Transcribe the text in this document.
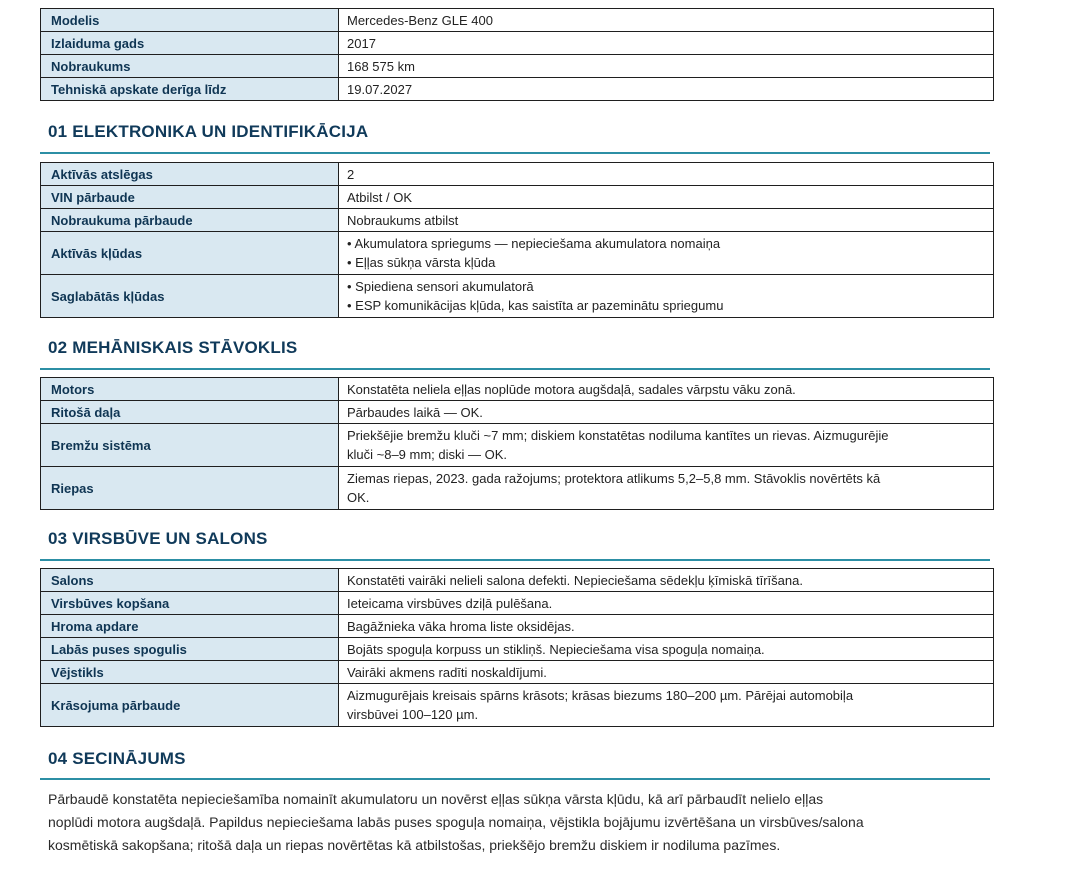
Modelis	Mercedes-Benz GLE 400
Izlaiduma gads	2017
Nobraukums	168 575 km
Tehniskā apskate derīga līdz	19.07.2027
01 ELEKTRONIKA UN IDENTIFIKĀCIJA
Aktīvās atslēgas	2

VIN pārbaude	Atbilst / OK

Nobraukuma pārbaude	Nobraukums atbilst

Aktīvās kļūdas	• Akumulatora spriegums — nepieciešama akumulatora nomaiņa
• Eļļas sūkņa vārsta kļūda

Saglabātās kļūdas	• Spiediena sensori akumulatorā
• ESP komunikācijas kļūda, kas saistīta ar pazeminātu spriegumu
02 MEHĀNISKAIS STĀVOKLIS
Motors	Konstatēta neliela eļļas noplūde motora augšdaļā, sadales vārpstu vāku zonā.

Ritošā daļa	Pārbaudes laikā — OK.

Bremžu sistēma	Priekšējie bremžu kluči ~7 mm; diskiem konstatētas nodiluma kantītes un rievas. Aizmugurējie
kluči ~8–9 mm; diski — OK.

Riepas	Ziemas riepas, 2023. gada ražojums; protektora atlikums 5,2–5,8 mm. Stāvoklis novērtēts kā
OK.
03 VIRSBŪVE UN SALONS
Salons	Konstatēti vairāki nelieli salona defekti. Nepieciešama sēdekļu ķīmiskā tīrīšana.

Virsbūves kopšana	Ieteicama virsbūves dziļā pulēšana.

Hroma apdare	Bagāžnieka vāka hroma liste oksidējas.

Labās puses spogulis	Bojāts spoguļa korpuss un stikliņš. Nepieciešama visa spoguļa nomaiņa.

Vējstikls	Vairāki akmens radīti noskaldījumi.

Krāsojuma pārbaude	Aizmugurējais kreisais spārns krāsots; krāsas biezums 180–200 µm. Pārējai automobiļa
virsbūvei 100–120 µm.
04 SECINĀJUMS
Pārbaudē konstatēta nepieciešamība nomainīt akumulatoru un novērst eļļas sūkņa vārsta kļūdu, kā arī pārbaudīt nelielo eļļas
noplūdi motora augšdaļā. Papildus nepieciešama labās puses spoguļa nomaiņa, vējstikla bojājumu izvērtēšana un virsbūves/salona
kosmētiskā sakopšana; ritošā daļa un riepas novērtētas kā atbilstošas, priekšējo bremžu diskiem ir nodiluma pazīmes.
